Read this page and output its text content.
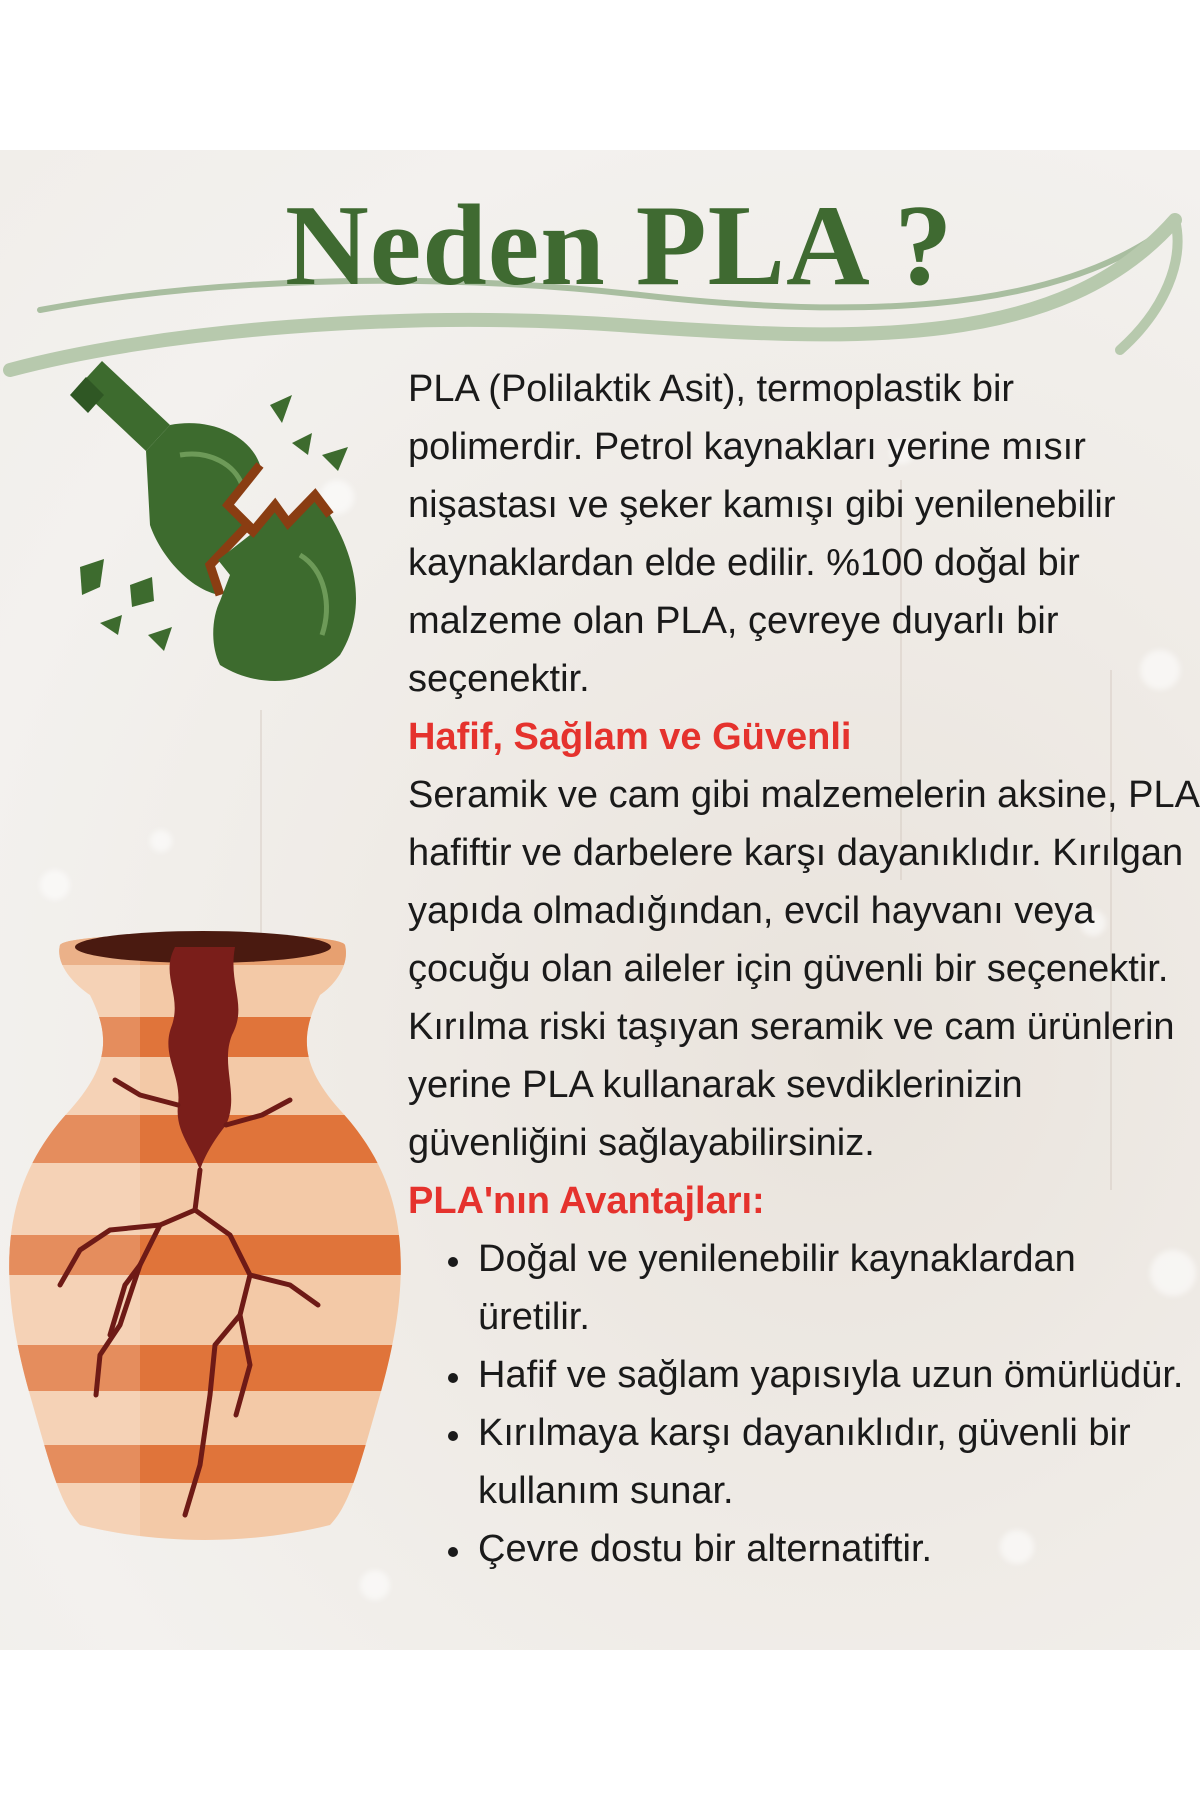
Neden PLA ?

PLA (Polilaktik Asit), termoplastik bir polimerdir. Petrol kaynakları yerine mısır nişastası ve şeker kamışı gibi yenilenebilir kaynaklardan elde edilir. %100 doğal bir malzeme olan PLA, çevreye duyarlı bir seçenektir.

Hafif, Sağlam ve Güvenli

Seramik ve cam gibi malzemelerin aksine, PLA hafiftir ve darbelere karşı dayanıklıdır. Kırılgan yapıda olmadığından, evcil hayvanı veya çocuğu olan aileler için güvenli bir seçenektir. Kırılma riski taşıyan seramik ve cam ürünlerin yerine PLA kullanarak sevdiklerinizin güvenliğini sağlayabilirsiniz.

PLA'nın Avantajları:

Doğal ve yenilenebilir kaynaklardan üretilir.
Hafif ve sağlam yapısıyla uzun ömürlüdür.
Kırılmaya karşı dayanıklıdır, güvenli bir kullanım sunar.
Çevre dostu bir alternatiftir.
